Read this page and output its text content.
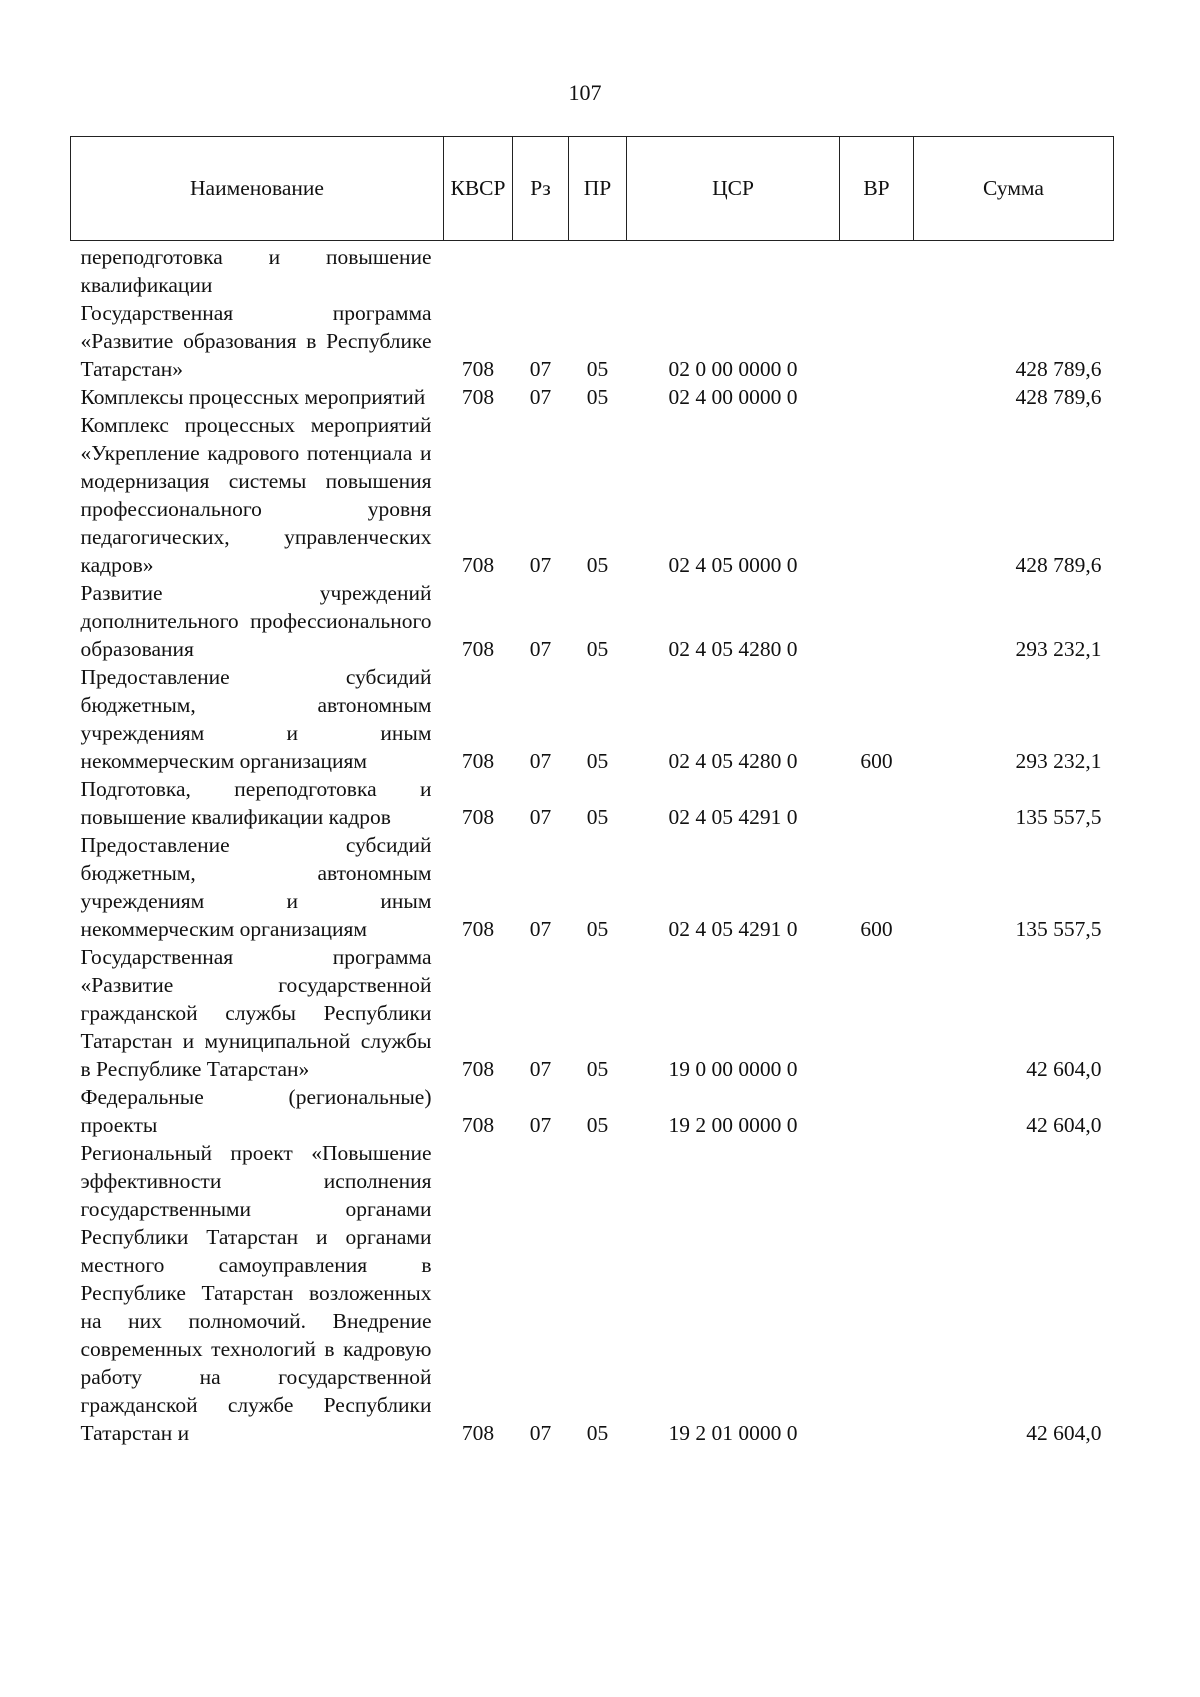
107
Наименование	КВСР	Рз	ПР	ЦСР	ВР	Сумма
переподготовка и повышение квалификации						
Государственная программа «Развитие образования в Республике Татарстан»	708	07	05	02 0 00 0000 0		428 789,6
Комплексы процессных мероприятий	708	07	05	02 4 00 0000 0		428 789,6
Комплекс процессных мероприятий «Укрепление кадрового потенциала и модернизация системы повышения профессионального уровня педагогических, управленческих кадров»	708	07	05	02 4 05 0000 0		428 789,6
Развитие учреждений дополнительного профессионального образования	708	07	05	02 4 05 4280 0		293 232,1
Предоставление субсидий бюджетным, автономным учреждениям и иным некоммерческим организациям	708	07	05	02 4 05 4280 0	600	293 232,1
Подготовка, переподготовка и повышение квалификации кадров	708	07	05	02 4 05 4291 0		135 557,5
Предоставление субсидий бюджетным, автономным учреждениям и иным некоммерческим организациям	708	07	05	02 4 05 4291 0	600	135 557,5
Государственная программа «Развитие государственной гражданской службы Республики Татарстан и муниципальной службы в Республике Татарстан»	708	07	05	19 0 00 0000 0		42 604,0
Федеральные (региональные) проекты	708	07	05	19 2 00 0000 0		42 604,0
Региональный проект «Повышение эффективности исполнения государственными органами Республики Татарстан и органами местного самоуправления в Республике Татарстан возложенных на них полномочий. Внедрение современных технологий в кадровую работу на государственной гражданской службе Республики Татарстан и	708	07	05	19 2 01 0000 0		42 604,0
